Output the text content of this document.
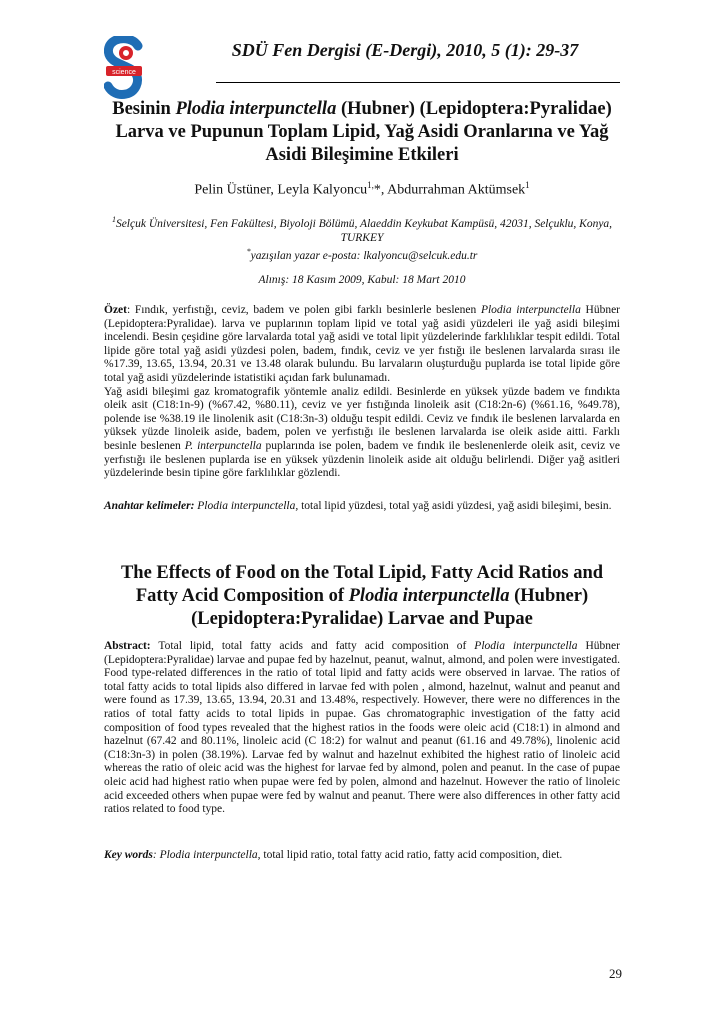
science
SDÜ Fen Dergisi (E-Dergi), 2010, 5 (1): 29-37
Besinin Plodia interpunctella (Hubner) (Lepidoptera:Pyralidae) Larva ve Pupunun Toplam Lipid, Yağ Asidi Oranlarına ve Yağ Asidi Bileşimine Etkileri
Pelin Üstüner, Leyla Kalyoncu$^{1,}$*, Abdurrahman Aktümsek$^1$
$^1$Selçuk Üniversitesi, Fen Fakültesi, Biyoloji Bölümü, Alaeddin Keykubat Kampüsü, 42031, Selçuklu, Konya, TURKEY
*yazışılan yazar e-posta: lkalyoncu@selcuk.edu.tr
Alınış: 18 Kasım 2009, Kabul: 18 Mart 2010
Özet: Fındık, yerfıstığı, ceviz, badem ve polen gibi farklı besinlerle beslenen Plodia interpunctella Hübner (Lepidoptera:Pyralidae). larva ve puplarının toplam lipid ve total yağ asidi yüzdeleri ile yağ asidi bileşimi incelendi. Besin çeşidine göre larvalarda total yağ asidi ve total lipit yüzdelerinde farklılıklar tespit edildi. Total lipide göre total yağ asidi yüzdesi polen, badem, fındık, ceviz ve yer fıstığı ile beslenen larvalarda sırası ile %17.39, 13.65, 13.94, 20.31 ve 13.48 olarak bulundu. Bu larvaların oluşturduğu puplarda ise total lipide göre total yağ asidi yüzdelerinde istatistiki açıdan fark bulunamadı.
Yağ asidi bileşimi gaz kromatografik yöntemle analiz edildi. Besinlerde en yüksek yüzde badem ve fındıkta oleik asit (C18:1n-9) (%67.42, %80.11), ceviz ve yer fıstığında linoleik asit (C18:2n-6) (%61.16, %49.78), polende ise %38.19 ile linolenik asit (C18:3n-3) olduğu tespit edildi. Ceviz ve fındık ile beslenen larvalarda en yüksek yüzde linoleik aside, badem, polen ve yerfıstığı ile beslenen larvalarda ise oleik aside aitti. Farklı besinle beslenen P. interpunctella puplarında ise polen, badem ve fındık ile beslenenlerde oleik asit, ceviz ve yerfıstığı ile beslenen puplarda ise en yüksek yüzdenin linoleik aside ait olduğu belirlendi. Diğer yağ asitleri yüzdelerinde besin tipine göre farklılıklar gözlendi.
Anahtar kelimeler: Plodia interpunctella, total lipid yüzdesi, total yağ asidi yüzdesi, yağ asidi bileşimi, besin.
The Effects of Food on the Total Lipid, Fatty Acid Ratios and Fatty Acid Composition of Plodia interpunctella (Hubner) (Lepidoptera:Pyralidae) Larvae and Pupae
Abstract: Total lipid, total fatty acids and fatty acid composition of Plodia interpunctella Hübner (Lepidoptera:Pyralidae) larvae and pupae fed by hazelnut, peanut, walnut, almond, and polen were investigated. Food type-related differences in the ratio of total lipid and fatty acids were observed in larvae. The ratios of total fatty acids to total lipids also differed in larvae fed with polen , almond, hazelnut, walnut and peanut and were found as 17.39, 13.65, 13.94, 20.31 and 13.48%, respectively. However, there were no differences in the ratios of total fatty acids to total lipids in pupae. Gas chromatographic investigation of the fatty acid composition of food types revealed that the highest ratios in the foods were oleic acid (C18:1) in almond and hazelnut (67.42 and 80.11%, linoleic acid (C 18:2) for walnut and peanut (61.16 and 49.78%), linolenic acid (C18:3n-3) in polen (38.19%). Larvae fed by walnut and hazelnut exhibited the highest ratio of linoleic acid whereas the ratio of oleic acid was the highest for larvae fed by almond, polen and peanut. In the case of pupae oleic acid had highest ratio when pupae were fed by polen, almond and hazelnut. However the ratio of linoleic acid exceeded others when pupae were fed by walnut and peanut. There were also differences in other fatty acid ratios related to food type.
Key words: Plodia interpunctella, total lipid ratio, total fatty acid ratio, fatty acid composition, diet.
29
